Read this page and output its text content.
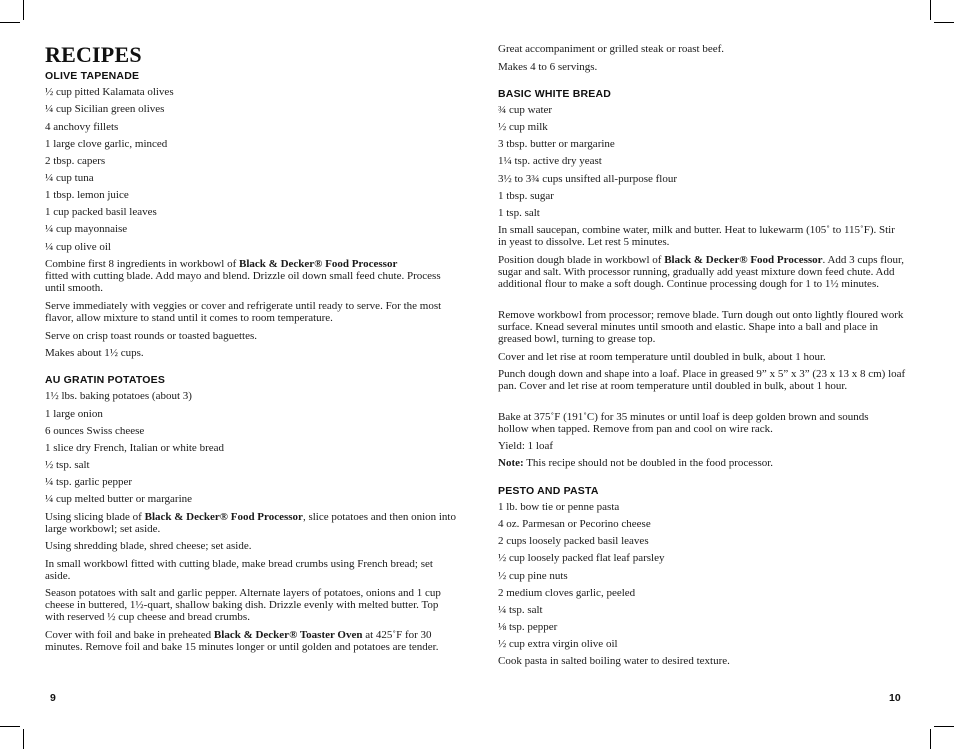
RECIPES
OLIVE TAPENADE
½ cup pitted Kalamata olives
¼ cup Sicilian green olives
4 anchovy fillets
1 large clove garlic, minced
2 tbsp. capers
¼ cup tuna
1 tbsp. lemon juice
1 cup packed basil leaves
¼ cup mayonnaise
¼ cup olive oil
Combine first 8 ingredients in workbowl of Black & Decker® Food Processor
fitted with cutting blade. Add mayo and blend. Drizzle oil down small feed chute. Process until smooth.
Serve immediately with veggies or cover and refrigerate until ready to serve. For the most flavor, allow mixture to stand until it comes to room temperature.
Serve on crisp toast rounds or toasted baguettes.
Makes about 1½ cups.
AU GRATIN POTATOES
1½ lbs. baking potatoes (about 3)
1 large onion
6 ounces Swiss cheese
1 slice dry French, Italian or white bread
½ tsp. salt
¼ tsp. garlic pepper
¼ cup melted butter or margarine
Using slicing blade of Black & Decker® Food Processor, slice potatoes and then onion into large workbowl; set aside.
Using shredding blade, shred cheese; set aside.
In small workbowl fitted with cutting blade, make bread crumbs using French bread; set aside.
Season potatoes with salt and garlic pepper. Alternate layers of potatoes, onions and 1 cup cheese in buttered, 1½-quart, shallow baking dish. Drizzle evenly with melted butter. Top with reserved ½ cup cheese and bread crumbs.
Cover with foil and bake in preheated Black & Decker® Toaster Oven at 425˚F for 30 minutes. Remove foil and bake 15 minutes longer or until golden and potatoes are tender.
9
Great accompaniment or grilled steak or roast beef.
Makes 4 to 6 servings.
BASIC WHITE BREAD
¾ cup water
½ cup milk
3 tbsp. butter or margarine
1¼ tsp. active dry yeast
3½ to 3¾ cups unsifted all-purpose flour
1 tbsp. sugar
1 tsp. salt
In small saucepan, combine water, milk and butter. Heat to lukewarm (105˚ to 115˚F). Stir in yeast to dissolve. Let rest 5 minutes.
Position dough blade in workbowl of Black & Decker® Food Processor. Add 3 cups flour, sugar and salt. With processor running, gradually add yeast mixture down feed chute. Add additional flour to make a soft dough. Continue processing dough for 1 to 1½ minutes.
Remove workbowl from processor; remove blade. Turn dough out onto lightly floured work surface. Knead several minutes until smooth and elastic. Shape into a ball and place in greased bowl, turning to grease top.
Cover and let rise at room temperature until doubled in bulk, about 1 hour.
Punch dough down and shape into a loaf. Place in greased 9” x 5” x 3” (23 x 13 x 8 cm) loaf pan. Cover and let rise at room temperature until doubled in bulk, about 1 hour.
Bake at 375˚F (191˚C) for 35 minutes or until loaf is deep golden brown and sounds hollow when tapped. Remove from pan and cool on wire rack.
Yield: 1 loaf
Note: This recipe should not be doubled in the food processor.
PESTO AND PASTA
1 lb. bow tie or penne pasta
4 oz. Parmesan or Pecorino cheese
2 cups loosely packed basil leaves
½ cup loosely packed flat leaf parsley
½ cup pine nuts
2 medium cloves garlic, peeled
¼ tsp. salt
⅛ tsp. pepper
½ cup extra virgin olive oil
Cook pasta in salted boiling water to desired texture.
10
